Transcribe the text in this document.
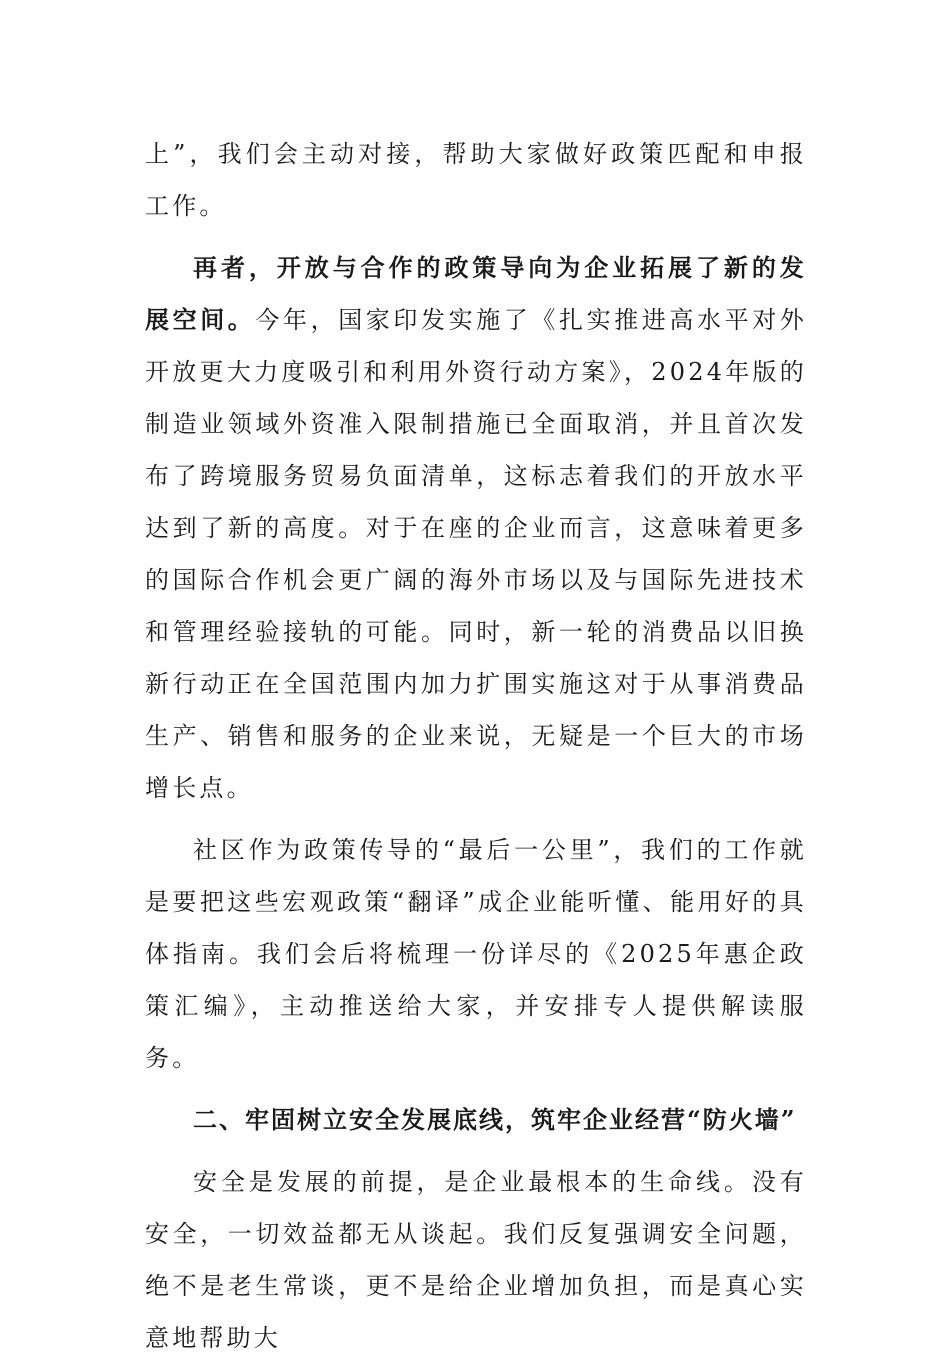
上”，我们会主动对接，帮助大家做好政策匹配和申报工作。

再者，开放与合作的政策导向为企业拓展了新的发展空间。今年，国家印发实施了《扎实推进高水平对外开放更大力度吸引和利用外资行动方案》，2024年版的制造业领域外资准入限制措施已全面取消，并且首次发布了跨境服务贸易负面清单，这标志着我们的开放水平达到了新的高度。对于在座的企业而言，这意味着更多的国际合作机会更广阔的海外市场以及与国际先进技术和管理经验接轨的可能。同时，新一轮的消费品以旧换新行动正在全国范围内加力扩围实施这对于从事消费品生产、销售和服务的企业来说，无疑是一个巨大的市场增长点。

社区作为政策传导的“最后一公里”，我们的工作就是要把这些宏观政策“翻译”成企业能听懂、能用好的具体指南。我们会后将梳理一份详尽的《2025年惠企政策汇编》，主动推送给大家，并安排专人提供解读服务。

二、牢固树立安全发展底线，筑牢企业经营“防火墙”

安全是发展的前提，是企业最根本的生命线。没有安全，一切效益都无从谈起。我们反复强调安全问题，绝不是老生常谈，更不是给企业增加负担，而是真心实意地帮助大
